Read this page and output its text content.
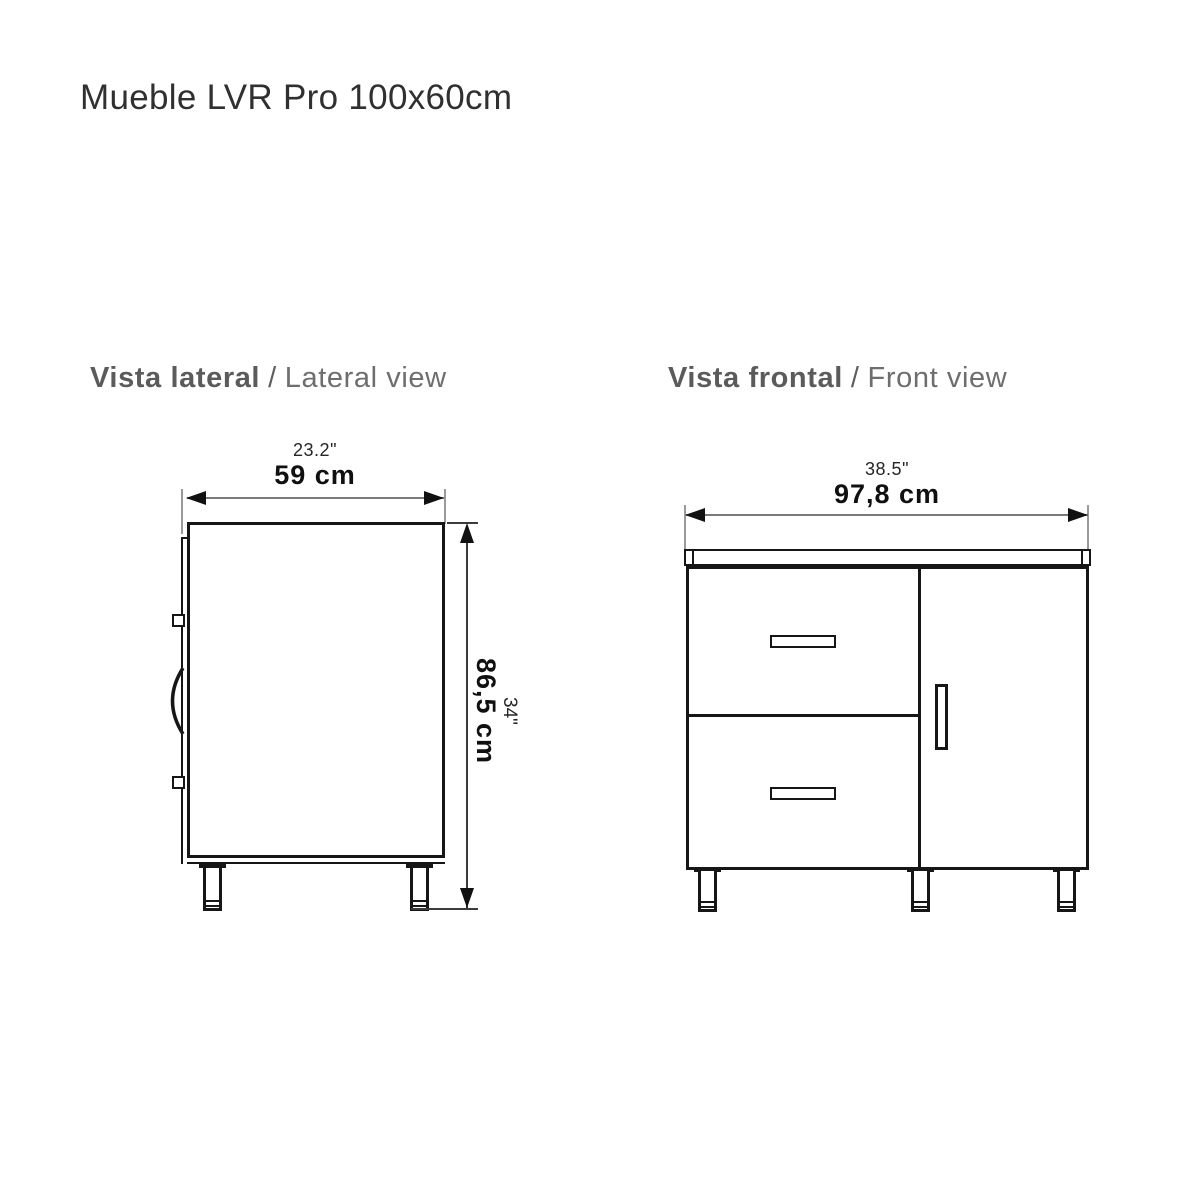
Mueble LVR Pro 100x60cm
Vista lateral / Lateral view	Vista frontal / Front view
23.2"
59 cm
86,5 cm
34"
38.5"
97,8 cm
